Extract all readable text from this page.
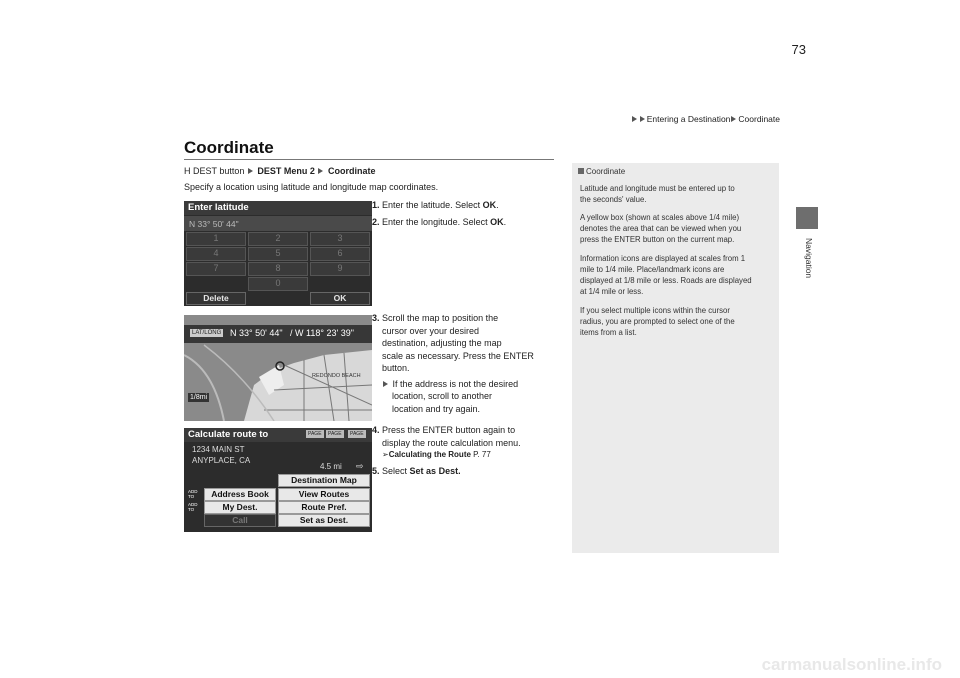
73
Entering a Destination Coordinate
Navigation
Coordinate
H DEST button DEST Menu 2 Coordinate
Specify a location using latitude and longitude map coordinates.
Enter latitude
N 33° 50' 44"
1	2	3
4	5	6
7	8	9
0
Delete	OK
LAT/LONG N 33° 50' 44"   / W 118° 23' 39"
1/8mi
REDONDO BEACH
Calculate route to	PAGE	PAGE	PAGE
1234 MAIN ST
ANYPLACE, CA
4.5 mi ⇨
Destination Map
Address Book	View Routes
My Dest.	Route Pref.
Call	Set as Dest.
ADD TO
ADD TO
1. Enter the latitude. Select OK.
2. Enter the longitude. Select OK.
3. Scroll the map to position the
cursor over your desired
destination, adjusting the map
scale as necessary. Press the ENTER
button.
If the address is not the desired
location, scroll to another
location and try again.
4. Press the ENTER button again to
display the route calculation menu.
➢Calculating the Route P. 77
5. Select Set as Dest.
Coordinate
Latitude and longitude must be entered up to
the seconds' value.
A yellow box (shown at scales above 1/4 mile)
denotes the area that can be viewed when you
press the ENTER button on the current map.
Information icons are displayed at scales from 1
mile to 1/4 mile. Place/landmark icons are
displayed at 1/8 mile or less. Roads are displayed
at 1/4 mile or less.
If you select multiple icons within the cursor
radius, you are prompted to select one of the
items from a list.
carmanualsonline.info
